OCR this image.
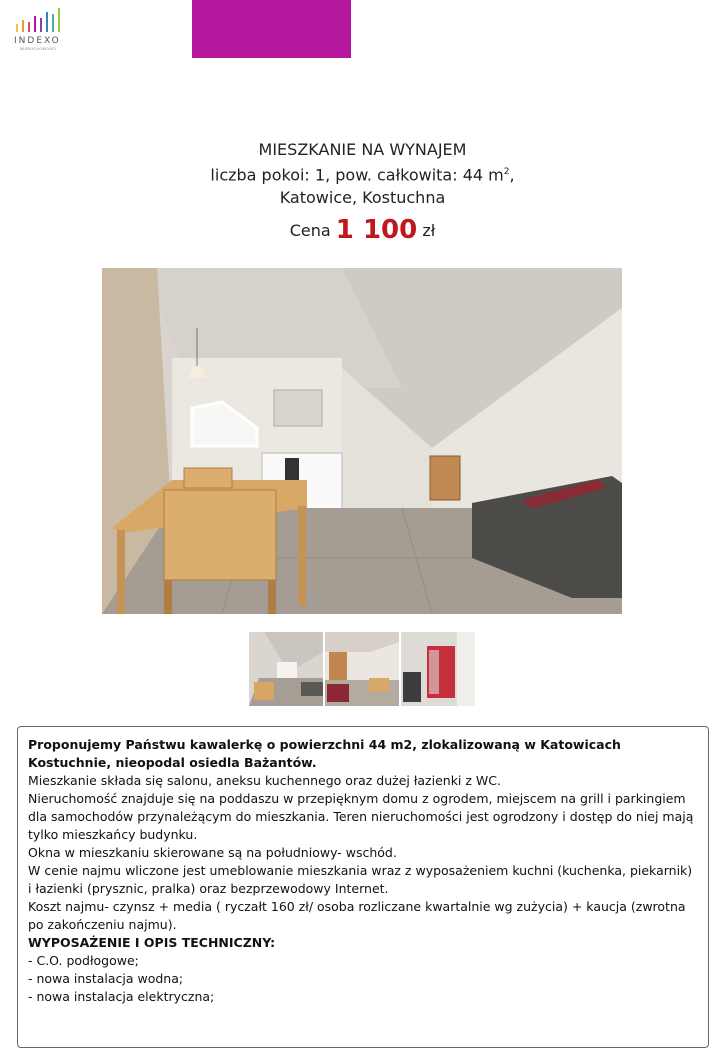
INDEXO
NIERUCHOMOŚCI
MIESZKANIE NA WYNAJEM
liczba pokoi: 1, pow. całkowita: 44 $m^2$,
Katowice, Kostuchna
Cena 1 100 zł

Proponujemy Państwu kawalerkę o powierzchni 44 m2, zlokalizowaną w Katowicach Kostuchnie, nieopodal osiedla Bażantów.

Mieszkanie składa się salonu, aneksu kuchennego oraz dużej łazienki z WC.

Nieruchomość znajduje się na poddaszu w przepięknym domu z ogrodem, miejscem na grill i parkingiem dla samochodów przynależącym do mieszkania. Teren nieruchomości jest ogrodzony i dostęp do niej mają tylko mieszkańcy budynku.

Okna w mieszkaniu skierowane są na południowy- wschód.

W cenie najmu wliczone jest umeblowanie mieszkania wraz z wyposażeniem kuchni (kuchenka, piekarnik) i łazienki (prysznic, pralka) oraz bezprzewodowy Internet.

Koszt najmu- czynsz + media ( ryczałt 160 zł/ osoba rozliczane kwartalnie wg zużycia) + kaucja (zwrotna po zakończeniu najmu).

WYPOSAŻENIE I OPIS TECHNICZNY:

- C.O. podłogowe;

- nowa instalacja wodna;

- nowa instalacja elektryczna;
